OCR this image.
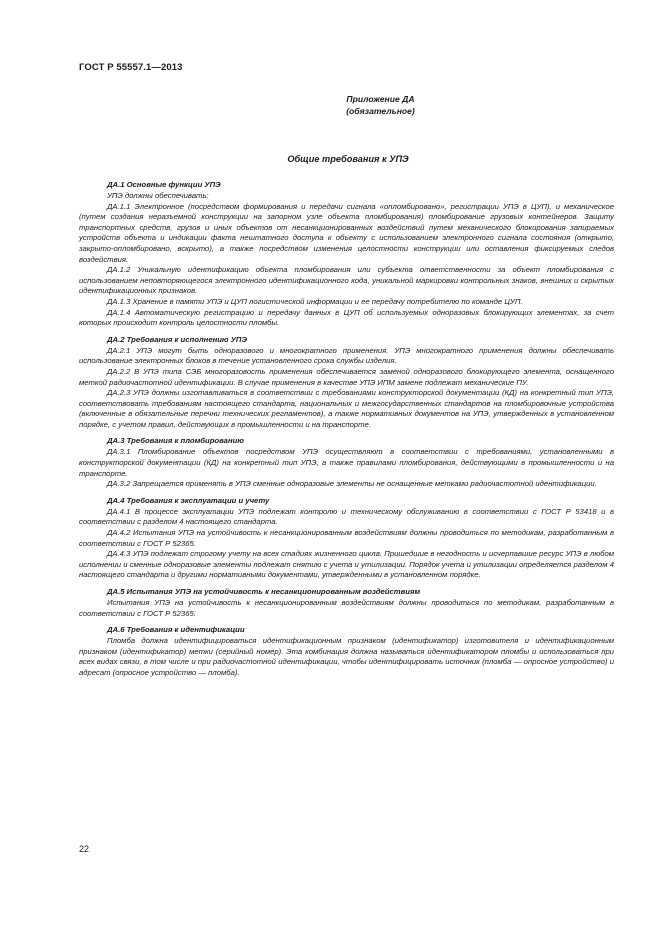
ГОСТ Р 55557.1—2013
Приложение ДА
(обязательное)
Общие требования к УПЭ
ДА.1 Основные функции УПЭ

УПЭ должны обеспечивать:

ДА.1.1 Электронное (посредством формирования и передачи сигнала «опломбировано», регистрации УПЭ в ЦУП), и механическое (путем создания неразъемной конструкции на запорном узле объекта пломбирования) пломбирование грузовых контейнеров. Защиту транспортных средств, грузов и иных объектов от несанкционированных воздействий путем механического блокирования запираемых устройств объекта и индикации факта нештатного доступа к объекту с использованием электронного сигнала состояния (открыто, закрыто-опломбировано, вскрыто), а также посредством изменения целостности конструкции или оставления фиксируемых следов воздействия.

ДА.1.2 Уникальную идентификацию объекта пломбирования или субъекта ответственности за объект пломбирования с использованием неповторяющегося электронного идентификационного кода, уникальной маркировки контрольных знаков, внешних и скрытых идентификационных признаков.

ДА.1.3 Хранение в памяти УПЭ и ЦУП логистической информации и ее передачу потребителю по команде ЦУП.

ДА.1.4 Автоматическую регистрацию и передачу данных в ЦУП об используемых одноразовых блокирующих элементах, за счет которых происходит контроль целостности пломбы.

ДА.2 Требования к исполнению УПЭ

ДА.2.1 УПЭ могут быть одноразового и многократного применения. УПЭ многократного применения должны обеспечивать использование электронных блоков в течение установленного срока службы изделия.

ДА.2.2 В УПЭ типа СЭБ многоразовость применения обеспечивается заменой одноразового блокирующего элемента, оснащенного меткой радиочастотной идентификации. В случае применения в качестве УПЭ ИПМ замене подлежат механические ПУ.

ДА.2.3 УПЭ должны изготавливаться в соответствии с требованиями конструкторской документации (КД) на конкретный тип УПЭ, соответствовать требованиям настоящего стандарта, национальных и межгосударственных стандартов на пломбировочные устройства (включенные в обязательные перечни технических регламентов), а также нормативных документов на УПЭ, утвержденных в установленном порядке, с учетом правил, действующих в промышленности и на транспорте.

ДА.3 Требования к пломбированию

ДА.3.1 Пломбирование объектов посредством УПЭ осуществляют в соответствии с требованиями, установленными в конструкторской документации (КД) на конкретный тип УПЭ, а также правилами пломбирования, действующими в промышленности и на транспорте.

ДА.3.2 Запрещается применять в УПЭ сменные одноразовые элементы не оснащенные метками радиочастотной идентификации.

ДА.4 Требования к эксплуатации и учету

ДА.4.1 В процессе эксплуатации УПЭ подлежат контролю и техническому обслуживанию в соответствии с ГОСТ Р 53418 и в соответствии с разделом 4 настоящего стандарта.

ДА.4.2 Испытания УПЭ на устойчивость к несанкционированным воздействиям должны проводиться по методикам, разработанным в соответствии с ГОСТ Р 52365.

ДА.4.3 УПЭ подлежат строгому учету на всех стадиях жизненного цикла. Пришедшие в негодность и исчерпавшие ресурс УПЭ в любом исполнении и сменные одноразовые элементы подлежат снятию с учета и утилизации. Порядок учета и утилизации определяется разделом 4 настоящего стандарта и другими нормативными документами, утвержденными в установленном порядке.

ДА.5 Испытания УПЭ на устойчивость к несанкционированным воздействиям

Испытания УПЭ на устойчивость к несанкционированным воздействиям должны проводиться по методикам, разработанным в соответствии с ГОСТ Р 52365.

ДА.6 Требования к идентификации

Пломба должна идентифицироваться идентификационным признаком (идентификатор) изготовителя и идентификационным признаком (идентификатор) метки (серийный номер). Эта комбинация должна называться идентификатором пломбы и использоваться при всех видах связи, в том числе и при радиочастотной идентификации, чтобы идентифицировать источник (пломба — опросное устройство) и адресат (опросное устройство — пломба).

22
